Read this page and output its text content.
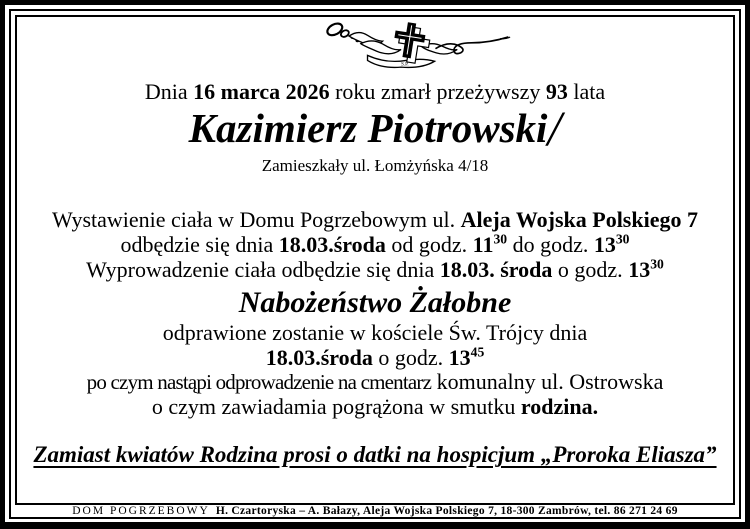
S.P.
Dnia 16 marca 2026 roku zmarł przeżywszy 93 lata
Kazimierz Piotrowski/
Zamieszkały ul. Łomżyńska 4/18
Wystawienie ciała w Domu Pogrzebowym ul. Aleja Wojska Polskiego 7
odbędzie się dnia 18.03.środa od godz. $11^{30}$ do godz. $13^{30}$
Wyprowadzenie ciała odbędzie się dnia 18.03. środa o godz. $13^{30}$
Nabożeństwo Żałobne
odprawione zostanie w kościele Św. Trójcy dnia
18.03.środa o godz. $13^{45}$
po czym nastąpi odprowadzenie na cmentarz komunalny ul. Ostrowska
o czym zawiadamia pogrążona w smutku rodzina.
Zamiast kwiatów Rodzina prosi o datki na hospicjum „Proroka Eliasza”
DOM POGRZEBOWY H. Czartoryska – A. Bałazy, Aleja Wojska Polskiego 7, 18-300 Zambrów, tel. 86 271 24 69
